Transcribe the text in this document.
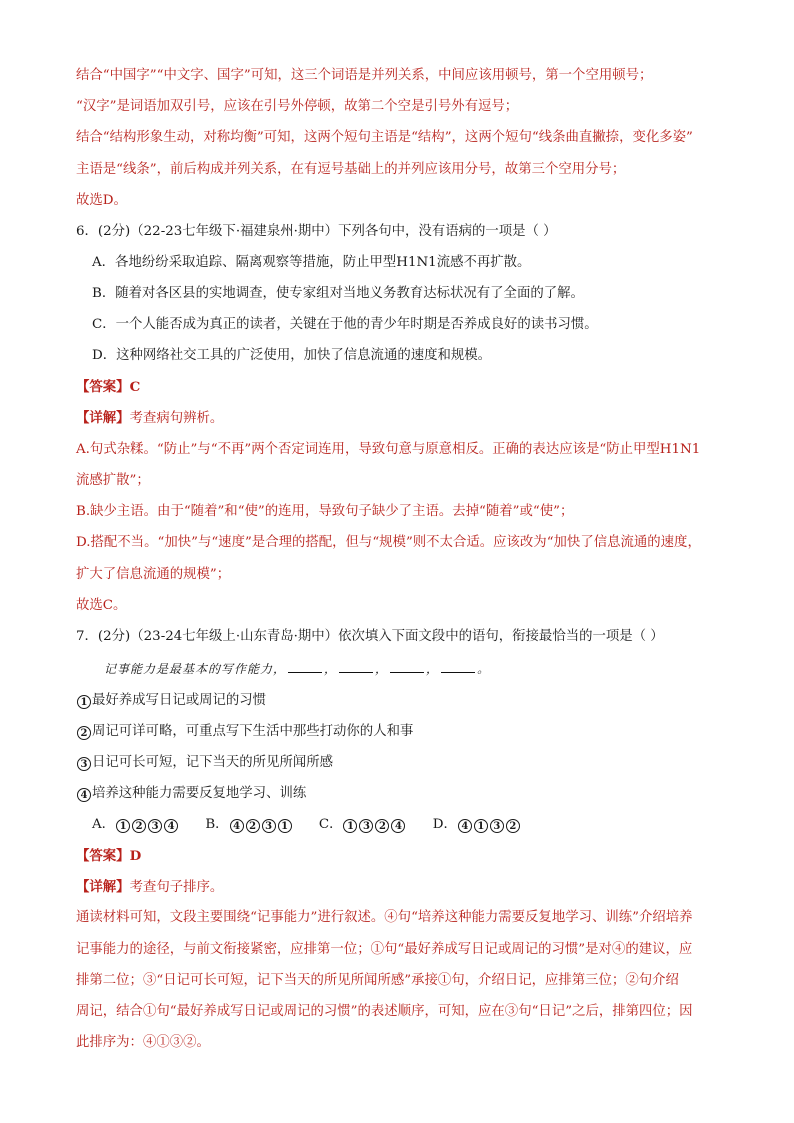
结合“中国字”“中文字、国字”可知，这三个词语是并列关系，中间应该用顿号，第一个空用顿号；
“汉字”是词语加双引号，应该在引号外停顿，故第二个空是引号外有逗号；
结合“结构形象生动，对称均衡”可知，这两个短句主语是“结构”，这两个短句“线条曲直撇捺，变化多姿”
主语是“线条”，前后构成并列关系，在有逗号基础上的并列应该用分号，故第三个空用分号；
故选D。
6．(2分)（22-23七年级下·福建泉州·期中）下列各句中，没有语病的一项是（ ）
A．各地纷纷采取追踪、隔离观察等措施，防止甲型H1N1流感不再扩散。
B．随着对各区县的实地调查，使专家组对当地义务教育达标状况有了全面的了解。
C．一个人能否成为真正的读者，关键在于他的青少年时期是否养成良好的读书习惯。
D．这种网络社交工具的广泛使用，加快了信息流通的速度和规模。
【答案】C
【详解】考查病句辨析。
A.句式杂糅。“防止”与“不再”两个否定词连用，导致句意与原意相反。正确的表达应该是“防止甲型H1N1
流感扩散”；
B.缺少主语。由于“随着”和“使”的连用，导致句子缺少了主语。去掉“随着”或“使”；
D.搭配不当。“加快”与“速度”是合理的搭配，但与“规模”则不太合适。应该改为“加快了信息流通的速度，
扩大了信息流通的规模”；
故选C。
7．(2分)（23-24七年级上·山东青岛·期中）依次填入下面文段中的语句，衔接最恰当的一项是（ ）
记事能力是最基本的写作能力，	，	，	，	。
1 最好养成写日记或周记的习惯
2 周记可详可略，可重点写下生活中那些打动你的人和事
3 日记可长可短，记下当天的所见所闻所感
4 培养这种能力需要反复地学习、训练
A． 1 2 3 4 B． 4 2 3 1 C． 1 3 2 4 D． 4 1 3 2
【答案】D
【详解】考查句子排序。
通读材料可知，文段主要围绕“记事能力”进行叙述。④句“培养这种能力需要反复地学习、训练”介绍培养
记事能力的途径，与前文衔接紧密，应排第一位；①句“最好养成写日记或周记的习惯”是对④的建议，应
排第二位；③“日记可长可短，记下当天的所见所闻所感”承接①句，介绍日记，应排第三位；②句介绍
周记，结合①句“最好养成写日记或周记的习惯”的表述顺序，可知，应在③句“日记”之后，排第四位；因
此排序为：④①③②。
